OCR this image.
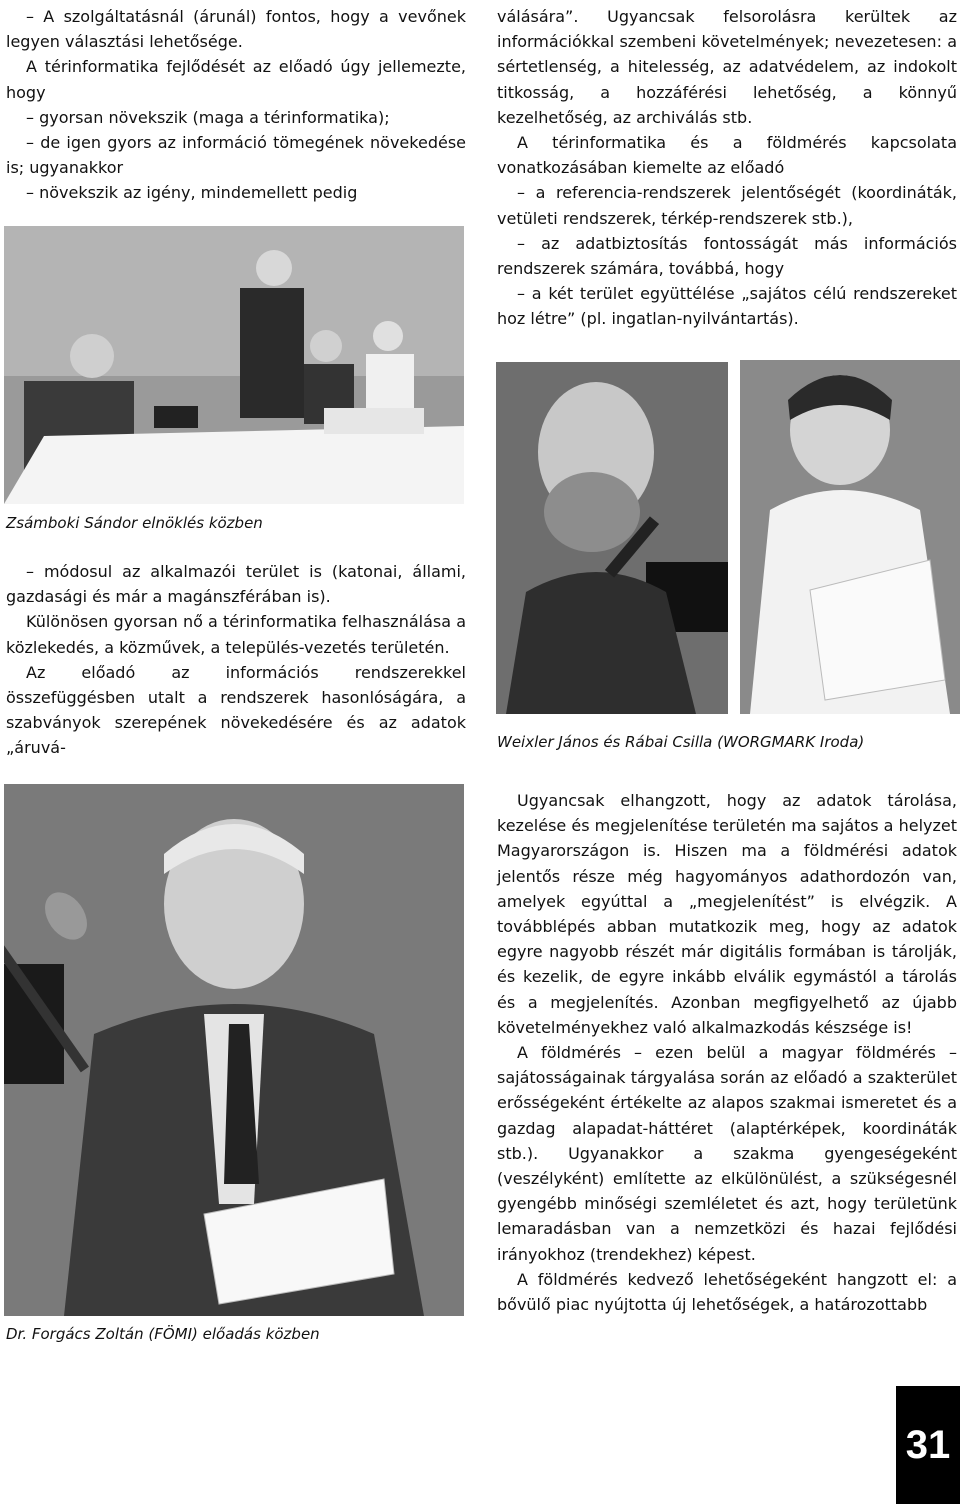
– A szolgáltatásnál (árunál) fontos, hogy a vevőnek legyen választási lehetősége.

A térinformatika fejlődését az előadó úgy jellemezte, hogy

– gyorsan növekszik (maga a térinformatika);

– de igen gyors az információ tömegének növekedése is; ugyanakkor

– növekszik az igény, mindemellett pedig

válására”. Ugyancsak felsorolásra kerültek az információkkal szembeni követelmények; nevezetesen: a sértetlenség, a hitelesség, az adatvédelem, az indokolt titkosság, a hozzáférési lehetőség, a könnyű kezelhetőség, az archiválás stb.

A térinformatika és a földmérés kapcsolata vonatkozásában kiemelte az előadó

– a referencia-rendszerek jelentőségét (koordináták, vetületi rendszerek, térkép-rendszerek stb.),

– az adatbiztosítás fontosságát más információs rendszerek számára, továbbá, hogy

– a két terület együttélése „sajátos célú rendszereket hoz létre” (pl. ingatlan-nyilvántartás).

Zsámboki Sándor elnöklés közben

– módosul az alkalmazói terület is (katonai, állami, gazdasági és már a magánszférában is).

Különösen gyorsan nő a térinformatika felhasználása a közlekedés, a közművek, a település-vezetés területén.

Az előadó az információs rendszerekkel összefüggésben utalt a rendszerek hasonlóságára, a szabványok szerepének növekedésére és az adatok „áruvá-	Weixler János és Rábai Csilla (WORGMARK Iroda)
Dr. Forgács Zoltán (FÖMI) előadás közben

Ugyancsak elhangzott, hogy az adatok tárolása, kezelése és megjelenítése területén ma sajátos a helyzet Magyarországon is. Hiszen ma a földmérési adatok jelentős része még hagyományos adathordozón van, amelyek egyúttal a „megjelenítést” is elvégzik. A továbblépés abban mutatkozik meg, hogy az adatok egyre nagyobb részét már digitális formában is tárolják, és kezelik, de egyre inkább elválik egymástól a tárolás és a megjelenítés. Azonban megfigyelhető az újabb követelményekhez való alkalmazkodás készsége is!

A földmérés – ezen belül a magyar földmérés – sajátosságainak tárgyalása során az előadó a szakterület erősségeként értékelte az alapos szakmai ismeretet és a gazdag alapadat-háttéret (alaptérképek, koordináták stb.). Ugyanakkor a szakma gyengeségeként (veszélyként) említette az elkülönülést, a szükségesnél gyengébb minőségi szemléletet és azt, hogy területünk lemaradásban van a nemzetközi és hazai fejlődési irányokhoz (trendekhez) képest.

A földmérés kedvező lehetőségeként hangzott el: a bővülő piac nyújtotta új lehetőségek, a határozottabb

31
